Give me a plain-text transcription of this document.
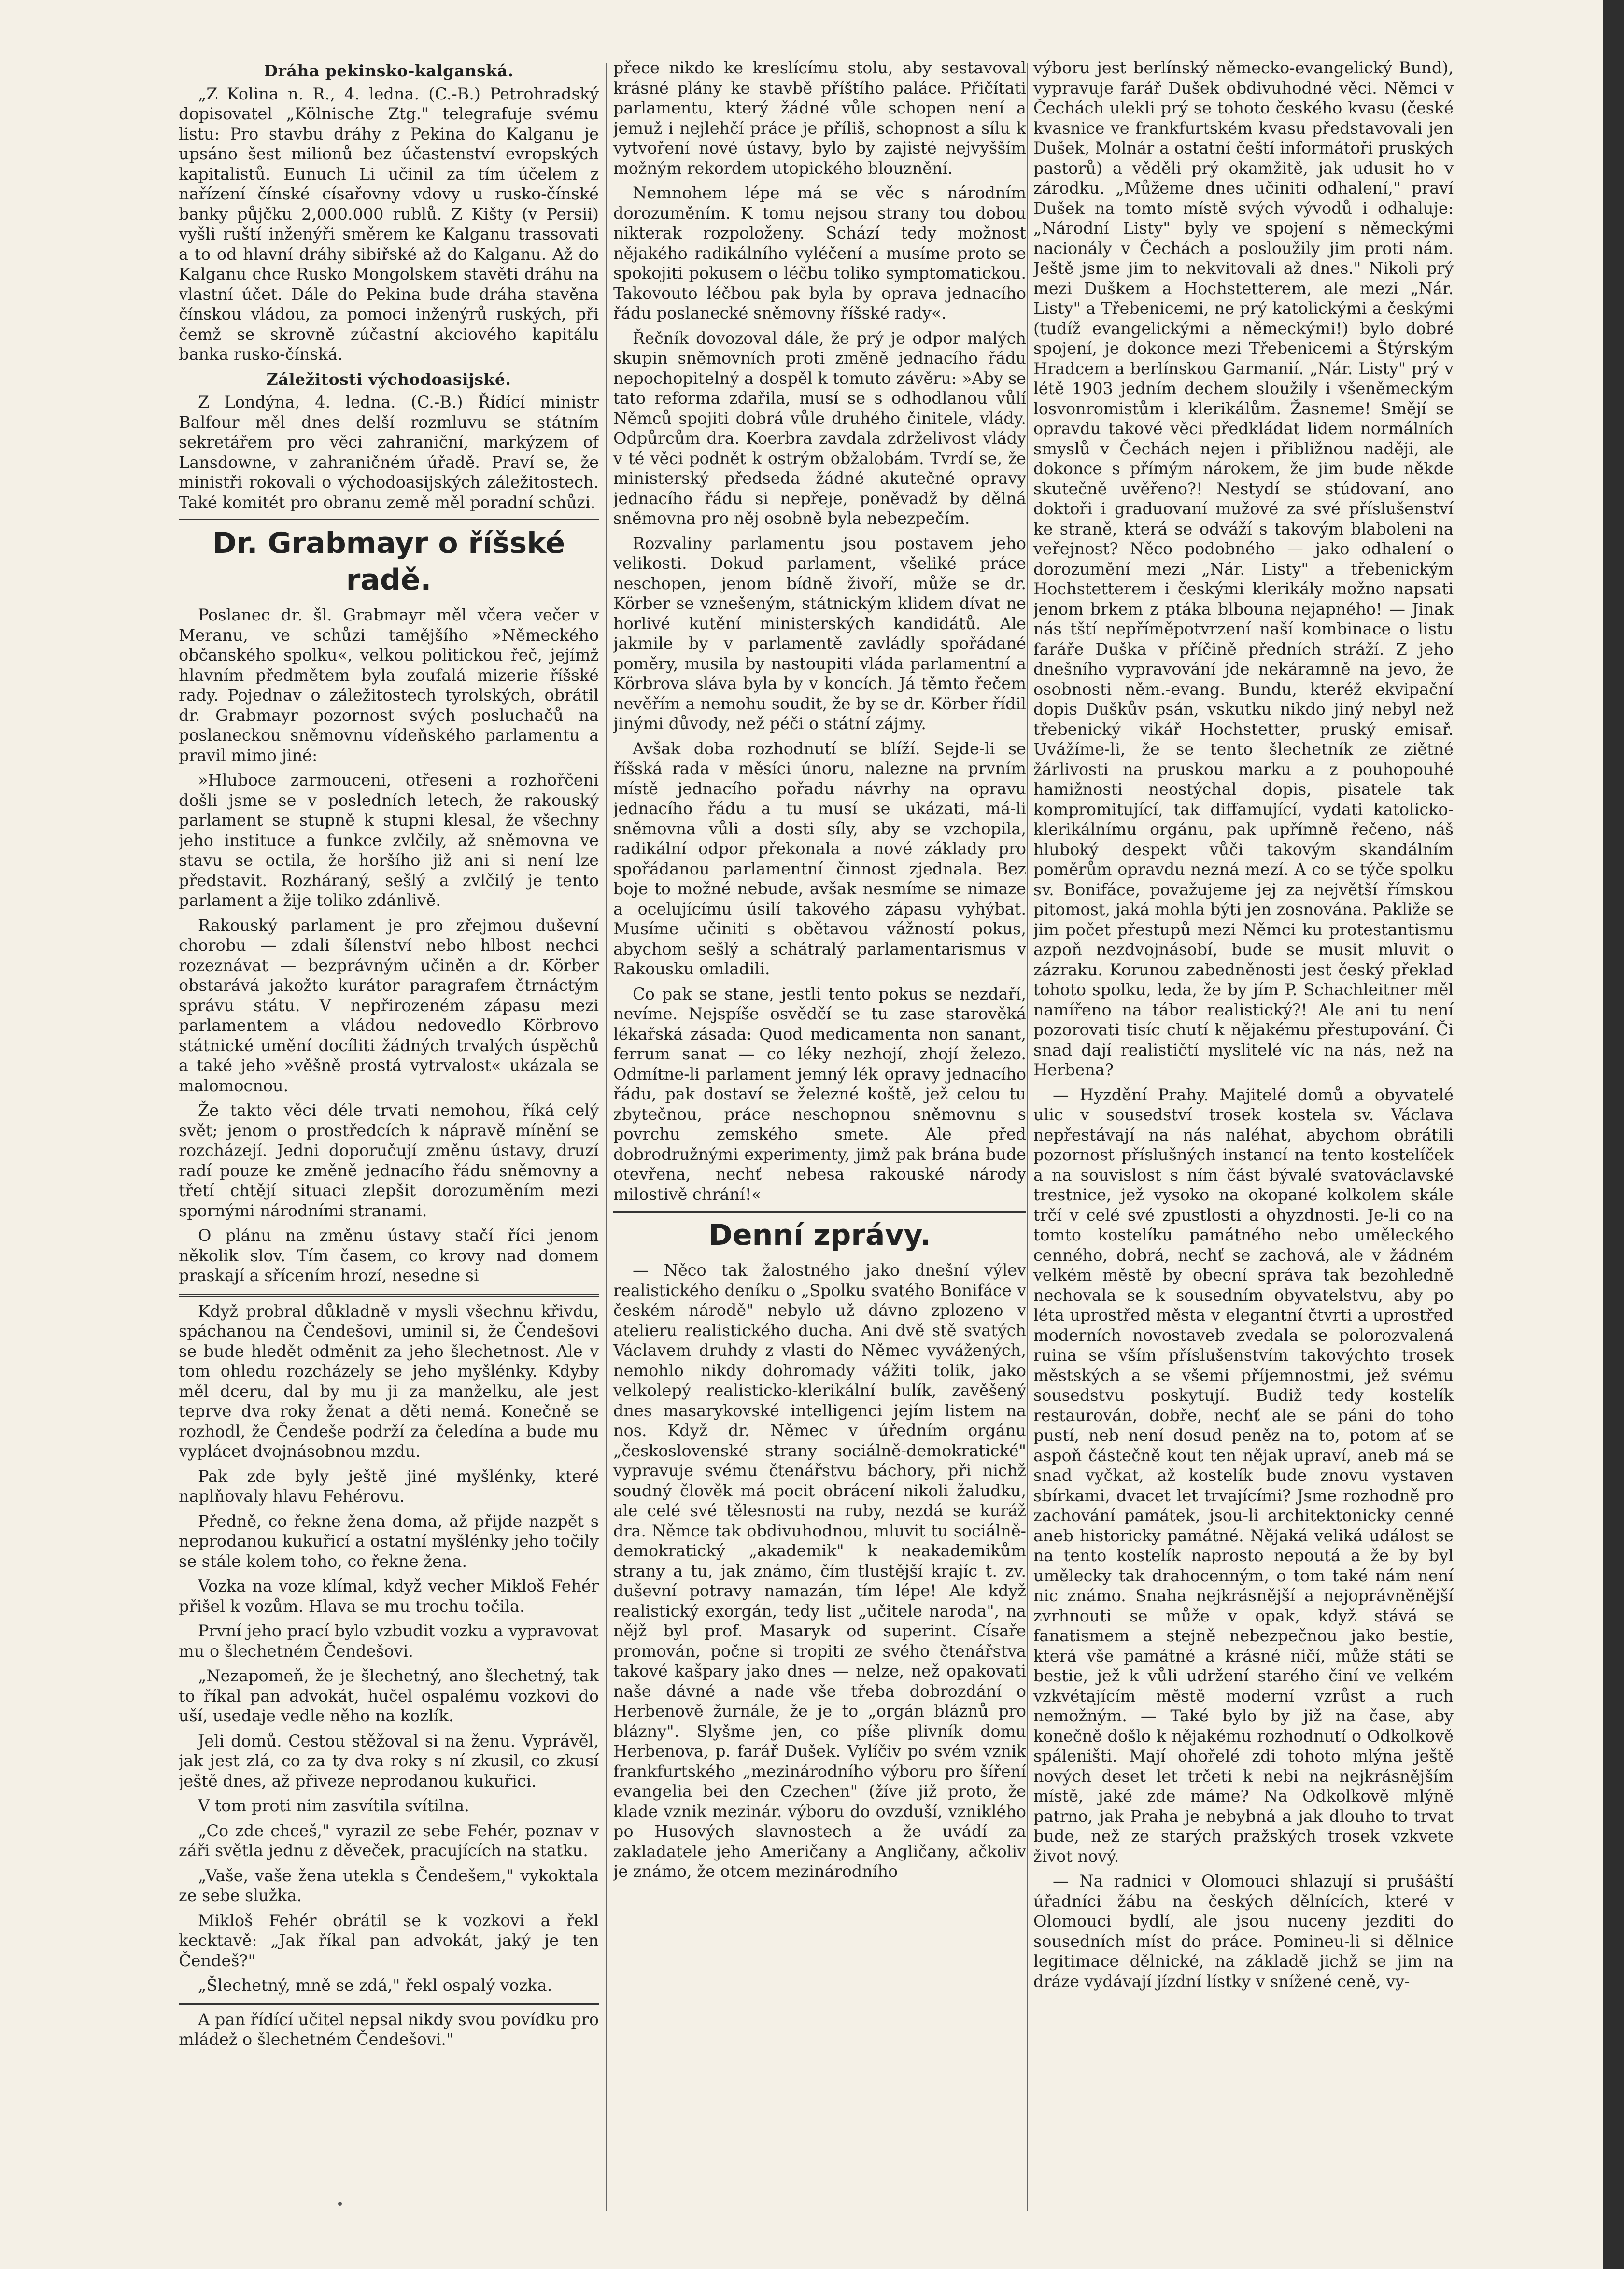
Dráha pekinsko-kalganská.

„Z Kolina n. R., 4. ledna. (C.-B.) Petrohradský dopisovatel „Kölnische Ztg." telegrafuje svému listu: Pro stavbu dráhy z Pekina do Kalganu je upsáno šest milionů bez účastenství evropských kapitalistů. Eunuch Li učinil za tím účelem z nařízení čínské císařovny vdovy u rusko-čínské banky půjčku 2,000.000 rublů. Z Kišty (v Persii) vyšli ruští inženýři směrem ke Kalganu trassovati a to od hlavní dráhy sibiřské až do Kalganu. Až do Kalganu chce Rusko Mongolskem stavěti dráhu na vlastní účet. Dále do Pekina bude dráha stavěna čínskou vládou, za pomoci inženýrů ruských, při čemž se skrovně zúčastní akciového kapitálu banka rusko-čínská.

Záležitosti východoasijské.

Z Londýna, 4. ledna. (C.-B.) Řídící ministr Balfour měl dnes delší rozmluvu se státním sekretářem pro věci zahraniční, markýzem of Lansdowne, v zahraničném úřadě. Praví se, že ministři rokovali o východoasijských záležitostech. Také komitét pro obranu země měl poradní schůzi.

Dr. Grabmayr o říšské radě.

Poslanec dr. šl. Grabmayr měl včera večer v Meranu, ve schůzi tamějšího »Německého občanského spolku«, velkou politickou řeč, jejímž hlavním předmětem byla zoufalá mizerie říšské rady. Pojednav o záležitostech tyrolských, obrátil dr. Grabmayr pozornost svých posluchačů na poslaneckou sněmovnu vídeňského parlamentu a pravil mimo jiné:

»Hluboce zarmouceni, otřeseni a rozhořčeni došli jsme se v posledních letech, že rakouský parlament se stupně k stupni klesal, že všechny jeho instituce a funkce zvlčily, až sněmovna ve stavu se octila, že horšího již ani si není lze představit. Rozháraný, sešlý a zvlčilý je tento parlament a žije toliko zdánlivě.

Rakouský parlament je pro zřejmou duševní chorobu — zdali šílenství nebo hlbost nechci rozeznávat — bezprávným učiněn a dr. Körber obstarává jakožto kurátor paragrafem čtrnáctým správu státu. V nepřirozeném zápasu mezi parlamentem a vládou nedovedlo Körbrovo státnické umění docíliti žádných trvalých úspěchů a také jeho »věšně prostá vytrvalost« ukázala se malomocnou.

Že takto věci déle trvati nemohou, říká celý svět; jenom o prostředcích k nápravě mínění se rozcházejí. Jedni doporučují změnu ústavy, druzí radí pouze ke změně jednacího řádu sněmovny a třetí chtějí situaci zlepšit dorozuměním mezi spornými národními stranami.

O plánu na změnu ústavy stačí říci jenom několik slov. Tím časem, co krovy nad domem praskají a sřícením hrozí, nesedne si

Když probral důkladně v mysli všechnu křivdu, spáchanou na Čendešovi, uminil si, že Čendešovi se bude hledět odměnit za jeho šlechetnost. Ale v tom ohledu rozcházely se jeho myšlénky. Kdyby měl dceru, dal by mu ji za manželku, ale jest teprve dva roky ženat a děti nemá. Konečně se rozhodl, že Čendeše podrží za čeledína a bude mu vyplácet dvojnásobnou mzdu.

Pak zde byly ještě jiné myšlénky, které naplňovaly hlavu Fehérovu.

Předně, co řekne žena doma, až přijde nazpět s neprodanou kukuřicí a ostatní myšlénky jeho točily se stále kolem toho, co řekne žena.

Vozka na voze klímal, když vecher Mikloš Fehér přišel k vozům. Hlava se mu trochu točila.

První jeho prací bylo vzbudit vozku a vypravovat mu o šlechetném Čendešovi.

„Nezapomeň, že je šlechetný, ano šlechetný, tak to říkal pan advokát, hučel ospalému vozkovi do uší, usedaje vedle něho na kozlík.

Jeli domů. Cestou stěžoval si na ženu. Vyprávěl, jak jest zlá, co za ty dva roky s ní zkusil, co zkusí ještě dnes, až přiveze neprodanou kukuřici.

V tom proti nim zasvítila svítilna.

„Co zde chceš," vyrazil ze sebe Fehér, poznav v záři světla jednu z děveček, pracujících na statku.

„Vaše, vaše žena utekla s Čendešem," vykoktala ze sebe služka.

Mikloš Fehér obrátil se k vozkovi a řekl kecktavě: „Jak říkal pan advokát, jaký je ten Čendeš?"

„Šlechetný, mně se zdá," řekl ospalý vozka.

A pan řídící učitel nepsal nikdy svou povídku pro mládež o šlechetném Čendešovi."

přece nikdo ke kreslícímu stolu, aby sestavoval krásné plány ke stavbě příštího paláce. Přičítati parlamentu, který žádné vůle schopen není a jemuž i nejlehčí práce je příliš, schopnost a sílu k vytvoření nové ústavy, bylo by zajisté nejvyšším možným rekordem utopického blouznění.

Nemnohem lépe má se věc s národním dorozuměním. K tomu nejsou strany tou dobou nikterak rozpoloženy. Schází tedy možnost nějakého radikálního vyléčení a musíme proto se spokojiti pokusem o léčbu toliko symptomatickou. Takovouto léčbou pak byla by oprava jednacího řádu poslanecké sněmovny říšské rady«.

Řečník dovozoval dále, že prý je odpor malých skupin sněmovních proti změně jednacího řádu nepochopitelný a dospěl k tomuto závěru: »Aby se tato reforma zdařila, musí se s odhodlanou vůlí Němců spojiti dobrá vůle druhého činitele, vlády. Odpůrcům dra. Koerbra zavdala zdrželivost vlády v té věci podnět k ostrým obžalobám. Tvrdí se, že ministerský předseda žádné akutečné opravy jednacího řádu si nepřeje, poněvadž by dělná sněmovna pro něj osobně byla nebezpečím.

Rozvaliny parlamentu jsou postavem jeho velikosti. Dokud parlament, všeliké práce neschopen, jenom bídně živoří, může se dr. Körber se vznešeným, státnickým klidem dívat ne horlivé kutění ministerských kandidátů. Ale jakmile by v parlamentě zavládly spořádané poměry, musila by nastoupiti vláda parlamentní a Körbrova sláva byla by v koncích. Já těmto řečem nevěřím a nemohu soudit, že by se dr. Körber řídil jinými důvody, než péči o státní zájmy.

Avšak doba rozhodnutí se blíží. Sejde-li se říšská rada v měsíci únoru, nalezne na prvním místě jednacího pořadu návrhy na opravu jednacího řádu a tu musí se ukázati, má-li sněmovna vůli a dosti síly, aby se vzchopila, radikální odpor překonala a nové základy pro spořádanou parlamentní činnost zjednala. Bez boje to možné nebude, avšak nesmíme se nimaze a ocelujícímu úsilí takového zápasu vyhýbat. Musíme učiniti s obětavou vážností pokus, abychom sešlý a schátralý parlamentarismus v Rakousku omladili.

Co pak se stane, jestli tento pokus se nezdaří, nevíme. Nejspíše osvědčí se tu zase starověká lékařská zásada: Quod medicamenta non sanant, ferrum sanat — co léky nezhojí, zhojí železo. Odmítne-li parlament jemný lék opravy jednacího řádu, pak dostaví se železné koště, jež celou tu zbytečnou, práce neschopnou sněmovnu s povrchu zemského smete. Ale před dobrodružnými experimenty, jimž pak brána bude otevřena, nechť nebesa rakouské národy milostivě chrání!«

Denní zprávy.

— Něco tak žalostného jako dnešní výlev realistického deníku o „Spolku svatého Bonifáce v českém národě" nebylo už dávno zplozeno v atelieru realistického ducha. Ani dvě stě svatých Václavem druhdy z vlasti do Němec vyvážených, nemohlo nikdy dohromady vážiti tolik, jako velkolepý realisticko-klerikální bulík, zavěšený dnes masarykovské intelligenci jejím listem na nos. Když dr. Němec v úředním orgánu „československé strany sociálně-demokratické" vypravuje svému čtenářstvu báchory, při nichž soudný člověk má pocit obrácení nikoli žaludku, ale celé své tělesnosti na ruby, nezdá se kuráž dra. Němce tak obdivuhodnou, mluvit tu sociálně-demokratický „akademik" k neakademikům strany a tu, jak známo, čím tlustější krajíc t. zv. duševní potravy namazán, tím lépe! Ale když realistický exorgán, tedy list „učitele naroda", na nějž byl prof. Masaryk od superint. Císaře promován, počne si tropiti ze svého čtenářstva takové kašpary jako dnes — nelze, než opakovati naše dávné a nade vše třeba dobrozdání o Herbenově žurnále, že je to „orgán bláznů pro blázny". Slyšme jen, co píše plivník domu Herbenova, p. farář Dušek. Vylíčiv po svém vznik frankfurtského „mezinárodního výboru pro šíření evangelia bei den Czechen" (žíve již proto, že klade vznik mezinár. výboru do ovzduší, vzniklého po Husových slavnostech a že uvádí za zakladatele jeho Američany a Angličany, ačkoliv je známo, že otcem mezinárodního

výboru jest berlínský německo-evangelický Bund), vypravuje farář Dušek obdivuhodné věci. Němci v Čechách ulekli prý se tohoto českého kvasu (české kvasnice ve frankfurtském kvasu představovali jen Dušek, Molnár a ostatní čeští informátoři pruských pastorů) a věděli prý okamžitě, jak udusit ho v zárodku. „Můžeme dnes učiniti odhalení," praví Dušek na tomto místě svých vývodů i odhaluje: „Národní Listy" byly ve spojení s německými nacionály v Čechách a posloužily jim proti nám. Ještě jsme jim to nekvitovali až dnes." Nikoli prý mezi Duškem a Hochstetterem, ale mezi „Nár. Listy" a Třebenicemi, ne prý katolickými a českými (tudíž evangelickými a německými!) bylo dobré spojení, je dokonce mezi Třebenicemi a Štýrským Hradcem a berlínskou Garmanií. „Nár. Listy" prý v létě 1903 jedním dechem sloužily i všeněmeckým losvonromistům i klerikálům. Žasneme! Smějí se opravdu takové věci předkládat lidem normálních smyslů v Čechách nejen i přibližnou naději, ale dokonce s přímým nárokem, že jim bude někde skutečně uvěřeno?! Nestydí se stúdovaní, ano doktoři i graduovaní mužové za své příslušenství ke straně, která se odváží s takovým blaboleni na veřejnost? Něco podobného — jako odhalení o dorozumění mezi „Nár. Listy" a třebenickým Hochstetterem i českými klerikály možno napsati jenom brkem z ptáka blbouna nejapného! — Jinak nás tští nepříměpotvrzení naší kombinace o listu faráře Duška v příčině předních stráží. Z jeho dnešního vypravování jde nekáramně na jevo, že osobnosti něm.-evang. Bundu, kteréž ekvipační dopis Duškův psán, vskutku nikdo jiný nebyl než třebenický vikář Hochstetter, pruský emisař. Uvážíme-li, že se tento šlechetník ze ziětné žárlivosti na pruskou marku a z pouhopouhé hamižnosti neostýchal dopis, pisatele tak kompromitující, tak diffamující, vydati katolicko-klerikálnímu orgánu, pak upřímně řečeno, náš hluboký despekt vůči takovým skandálním poměrům opravdu nezná mezí. A co se týče spolku sv. Bonifáce, považujeme jej za největší římskou pitomost, jaká mohla býti jen zosnována. Pakliže se jim počet přestupů mezi Němci ku protestantismu azpoň nezdvojnásobí, bude se musit mluvit o zázraku. Korunou zabedněnosti jest český překlad tohoto spolku, leda, že by jím P. Schachleitner měl namířeno na tábor realistický?! Ale ani tu není pozorovati tisíc chutí k nějakému přestupování. Či snad dají realističtí myslitelé víc na nás, než na Herbena?

— Hyzdění Prahy. Majitelé domů a obyvatelé ulic v sousedství trosek kostela sv. Václava nepřestávají na nás naléhat, abychom obrátili pozornost příslušných instancí na tento kostelíček a na souvislost s ním část bývalé svatováclavské trestnice, jež vysoko na okopané kolkolem skále trčí v celé své zpustlosti a ohyzdnosti. Je-li co na tomto kostelíku památného nebo uměleckého cenného, dobrá, nechť se zachová, ale v žádném velkém městě by obecní správa tak bezohledně nechovala se k sousedním obyvatelstvu, aby po léta uprostřed města v elegantní čtvrti a uprostřed moderních novostaveb zvedala se polorozvalená ruina se vším příslušenstvím takovýchto trosek městských a se všemi příjemnostmi, jež svému sousedstvu poskytují. Budiž tedy kostelík restaurován, dobře, nechť ale se páni do toho pustí, neb není dosud peněz na to, potom ať se aspoň částečně kout ten nějak upraví, aneb má se snad vyčkat, až kostelík bude znovu vystaven sbírkami, dvacet let trvajícími? Jsme rozhodně pro zachování památek, jsou-li architektonicky cenné aneb historicky památné. Nějaká veliká událost se na tento kostelík naprosto nepoutá a že by byl umělecky tak drahocenným, o tom také nám není nic známo. Snaha nejkrásnější a nejoprávněnější zvrhnouti se může v opak, když stává se fanatismem a stejně nebezpečnou jako bestie, která vše památné a krásné ničí, může státi se bestie, jež k vůli udržení starého činí ve velkém vzkvétajícím městě moderní vzrůst a ruch nemožným. — Také bylo by již na čase, aby konečně došlo k nějakému rozhodnutí o Odkolkově spáleništi. Mají ohořelé zdi tohoto mlýna ještě nových deset let trčeti k nebi na nejkrásnějším místě, jaké zde máme? Na Odkolkově mlýně patrno, jak Praha je nebybná a jak dlouho to trvat bude, než ze starých pražských trosek vzkvete život nový.

— Na radnici v Olomouci shlazují si prušáští úřadníci žábu na českých dělnících, které v Olomouci bydlí, ale jsou nuceny jezditi do sousedních míst do práce. Pomineu-li si dělnice legitimace dělnické, na základě jichž se jim na dráze vydávají jízdní lístky v snížené ceně, vy-
